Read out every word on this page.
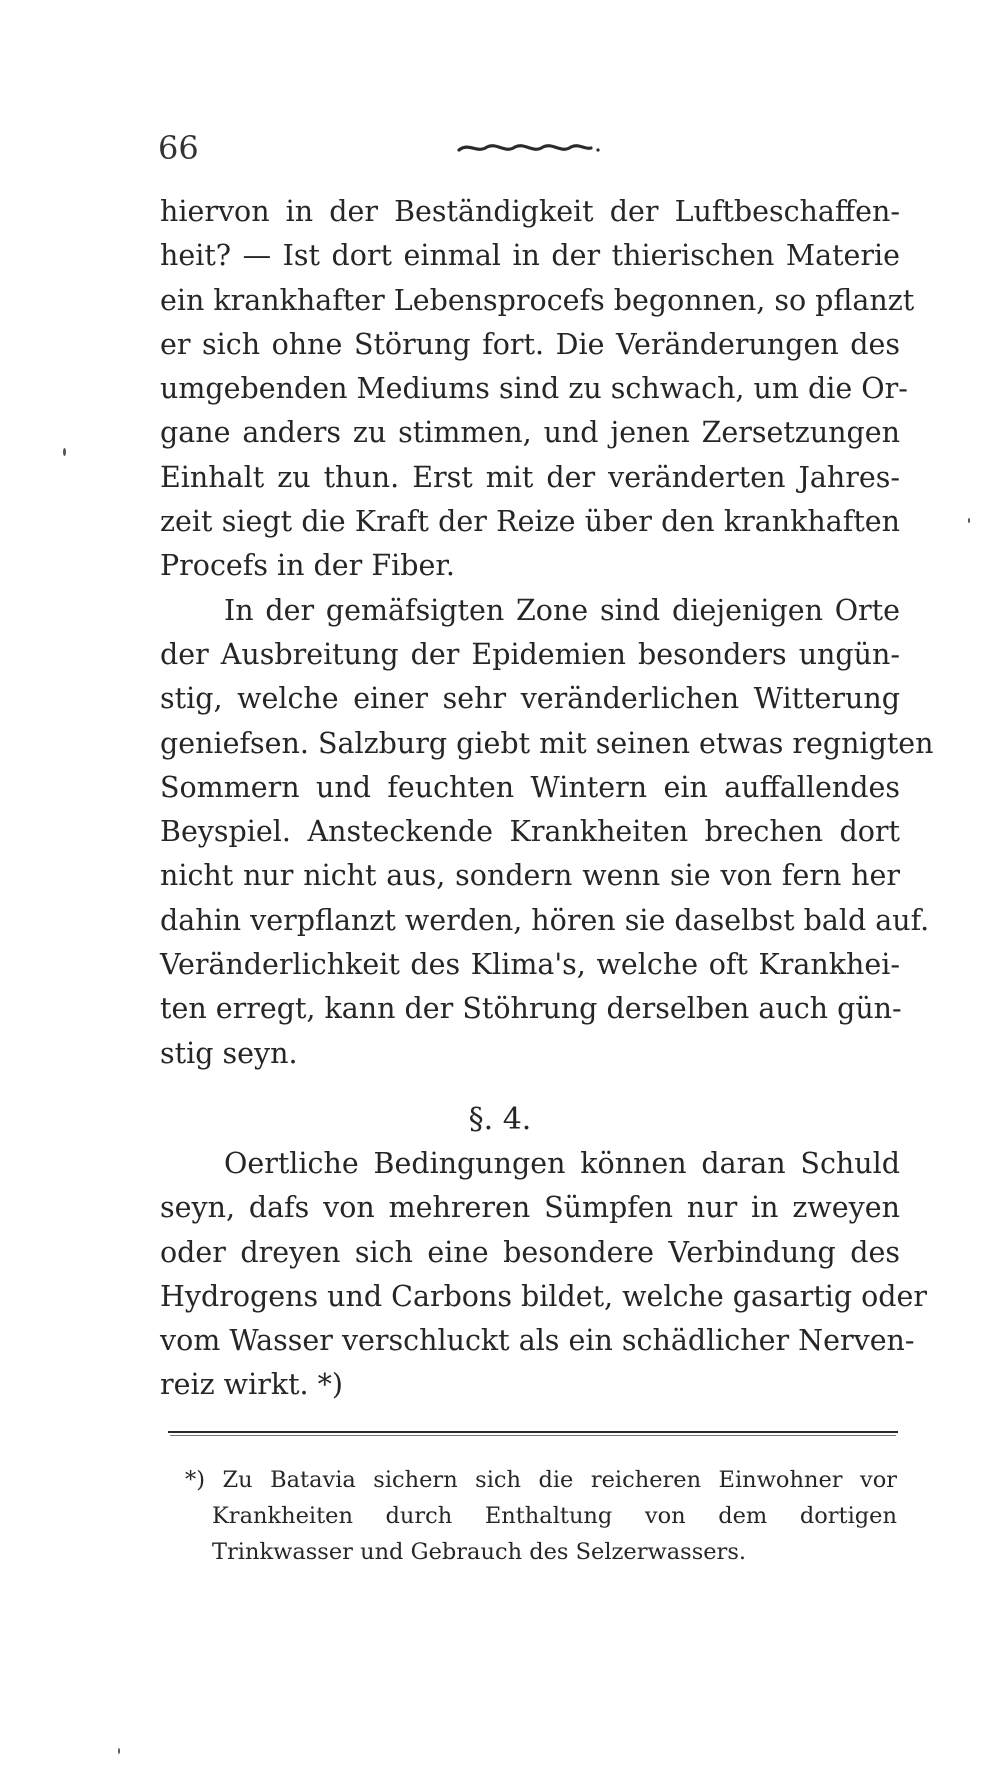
66
hiervon in der Beständigkeit der Luftbeschaffen-
heit? — Ist dort einmal in der thierischen Materie
ein krankhafter Lebensprocefs begonnen, so pflanzt
er sich ohne Störung fort. Die Veränderungen des
umgebenden Mediums sind zu schwach, um die Or-
gane anders zu stimmen, und jenen Zersetzungen
Einhalt zu thun. Erst mit der veränderten Jahres-
zeit siegt die Kraft der Reize über den krankhaften
Procefs in der Fiber.
In der gemäfsigten Zone sind diejenigen Orte
der Ausbreitung der Epidemien besonders ungün-
stig, welche einer sehr veränderlichen Witterung
geniefsen. Salzburg giebt mit seinen etwas regnigten
Sommern und feuchten Wintern ein auffallendes
Beyspiel. Ansteckende Krankheiten brechen dort
nicht nur nicht aus, sondern wenn sie von fern her
dahin verpflanzt werden, hören sie daselbst bald auf.
Veränderlichkeit des Klima's, welche oft Krankhei-
ten erregt, kann der Stöhrung derselben auch gün-
stig seyn.
§. 4.
Oertliche Bedingungen können daran Schuld
seyn, dafs von mehreren Sümpfen nur in zweyen
oder dreyen sich eine besondere Verbindung des
Hydrogens und Carbons bildet, welche gasartig oder
vom Wasser verschluckt als ein schädlicher Nerven-
reiz wirkt. *)
*) Zu Batavia sichern sich die reicheren Einwohner vor
Krankheiten durch Enthaltung von dem dortigen
Trinkwasser und Gebrauch des Selzerwassers.
